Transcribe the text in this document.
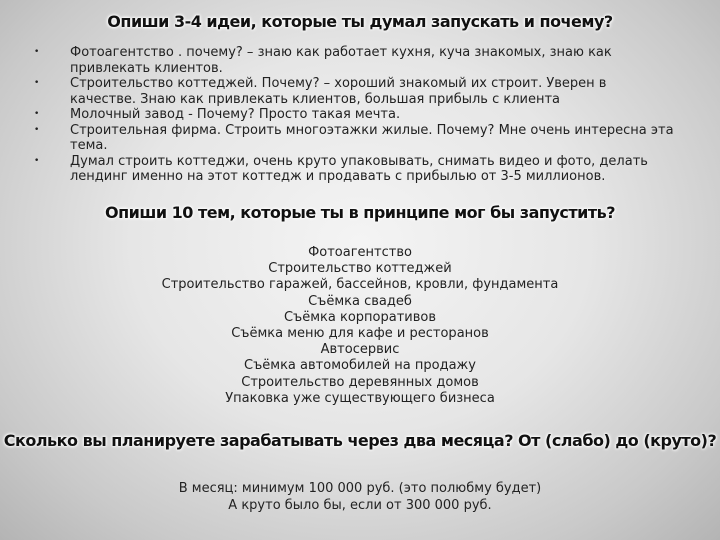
Опиши 3-4 идеи, которые ты думал запускать и почему?
• Фотоагентство . почему? – знаю как работает кухня, куча знакомых, знаю как привлекать клиентов.
• Строительство коттеджей. Почему? – хороший знакомый их строит. Уверен в качестве. Знаю как привлекать клиентов, большая прибыль с клиента
• Молочный завод - Почему? Просто такая мечта.
• Строительная фирма. Строить многоэтажки жилые. Почему? Мне очень интересна эта тема.
• Думал строить коттеджи, очень круто упаковывать, снимать видео и фото, делать лендинг именно на этот коттедж и продавать с прибылью от 3-5 миллионов.
Опиши 10 тем, которые ты в принципе мог бы запустить?
Фотоагентство
Строительство коттеджей
Строительство гаражей, бассейнов, кровли, фундамента
Съёмка свадеб
Съёмка корпоративов
Съёмка меню для кафе и ресторанов
Автосервис
Съёмка автомобилей на продажу
Строительство деревянных домов
Упаковка уже существующего бизнеса
Сколько вы планируете зарабатывать через два месяца? От (слабо) до (круто)?
В месяц: минимум 100 000 руб. (это полюбму будет)
А круто было бы, если от 300 000 руб.
